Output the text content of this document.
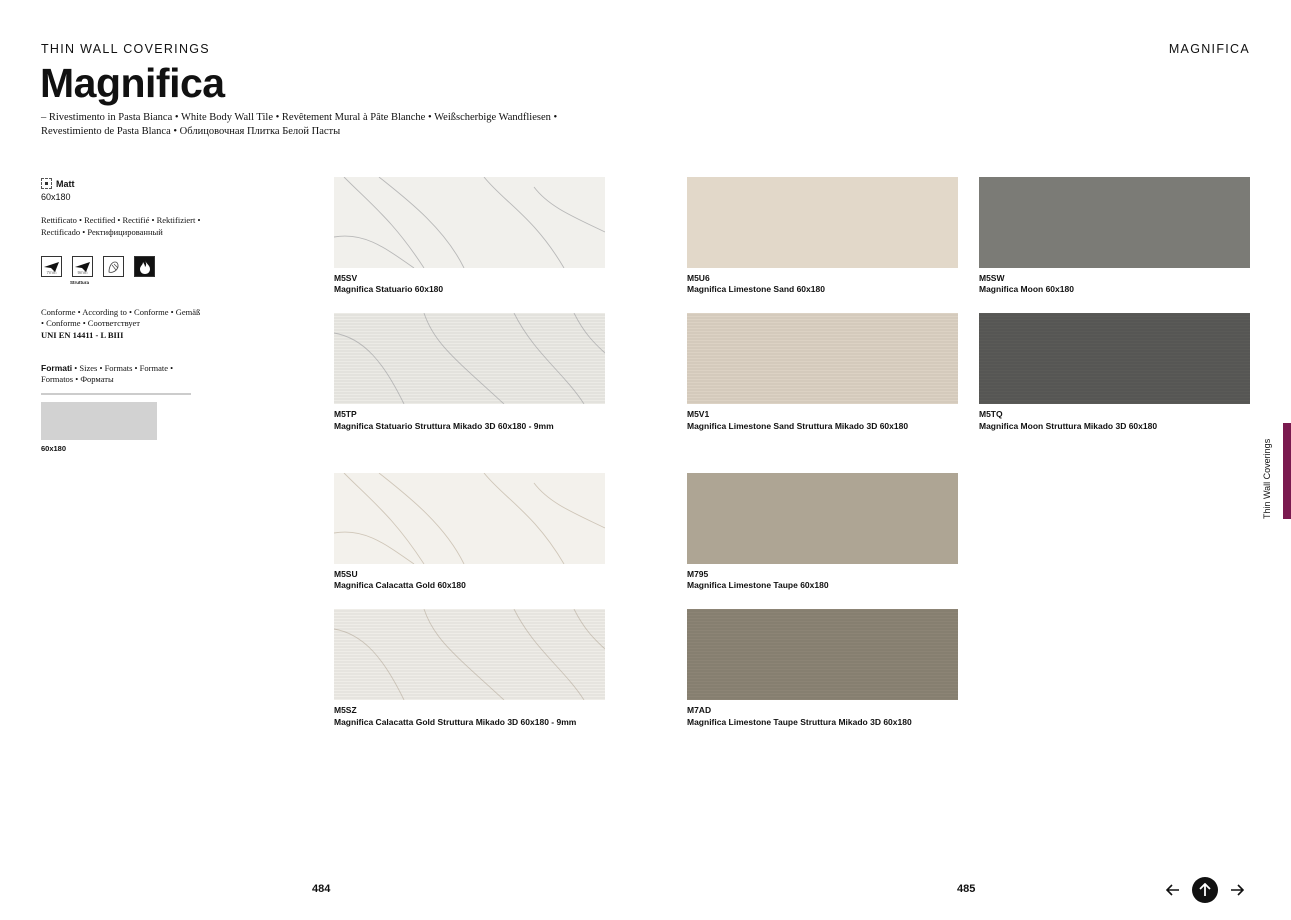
THIN WALL COVERINGS	MAGNIFICA
Magnifica
– Rivestimento in Pasta Bianca • White Body Wall Tile • Revêtement Mural à Pâte Blanche • Weißscherbige Wandfliesen • Revestimiento de Pasta Blanca • Облицовочная Плитка Белой Пасты
Matt
60x180
Rettificato • Rectified • Rectifié • Rektifiziert • Rectificado • Ректифицированный
7mm	9mm
Struttura
Conforme • According to • Conforme • Gemäß • Conforme • Соответствует
UNI EN 14411 - L BIII
Formati • Sizes • Formats • Formate • Formatos • Форматы
60x180
M5SV
Magnifica Statuario 60x180
M5TP
Magnifica Statuario Struttura Mikado 3D 60x180 - 9mm
M5SU
Magnifica Calacatta Gold 60x180
M5SZ
Magnifica Calacatta Gold Struttura Mikado 3D 60x180 - 9mm
M5U6
Magnifica Limestone Sand 60x180
M5V1
Magnifica Limestone Sand Struttura Mikado 3D 60x180
M795
Magnifica Limestone Taupe 60x180
M7AD
Magnifica Limestone Taupe Struttura Mikado 3D 60x180
M5SW
Magnifica Moon 60x180
M5TQ
Magnifica Moon Struttura Mikado 3D 60x180
484	485
Thin Wall Coverings
